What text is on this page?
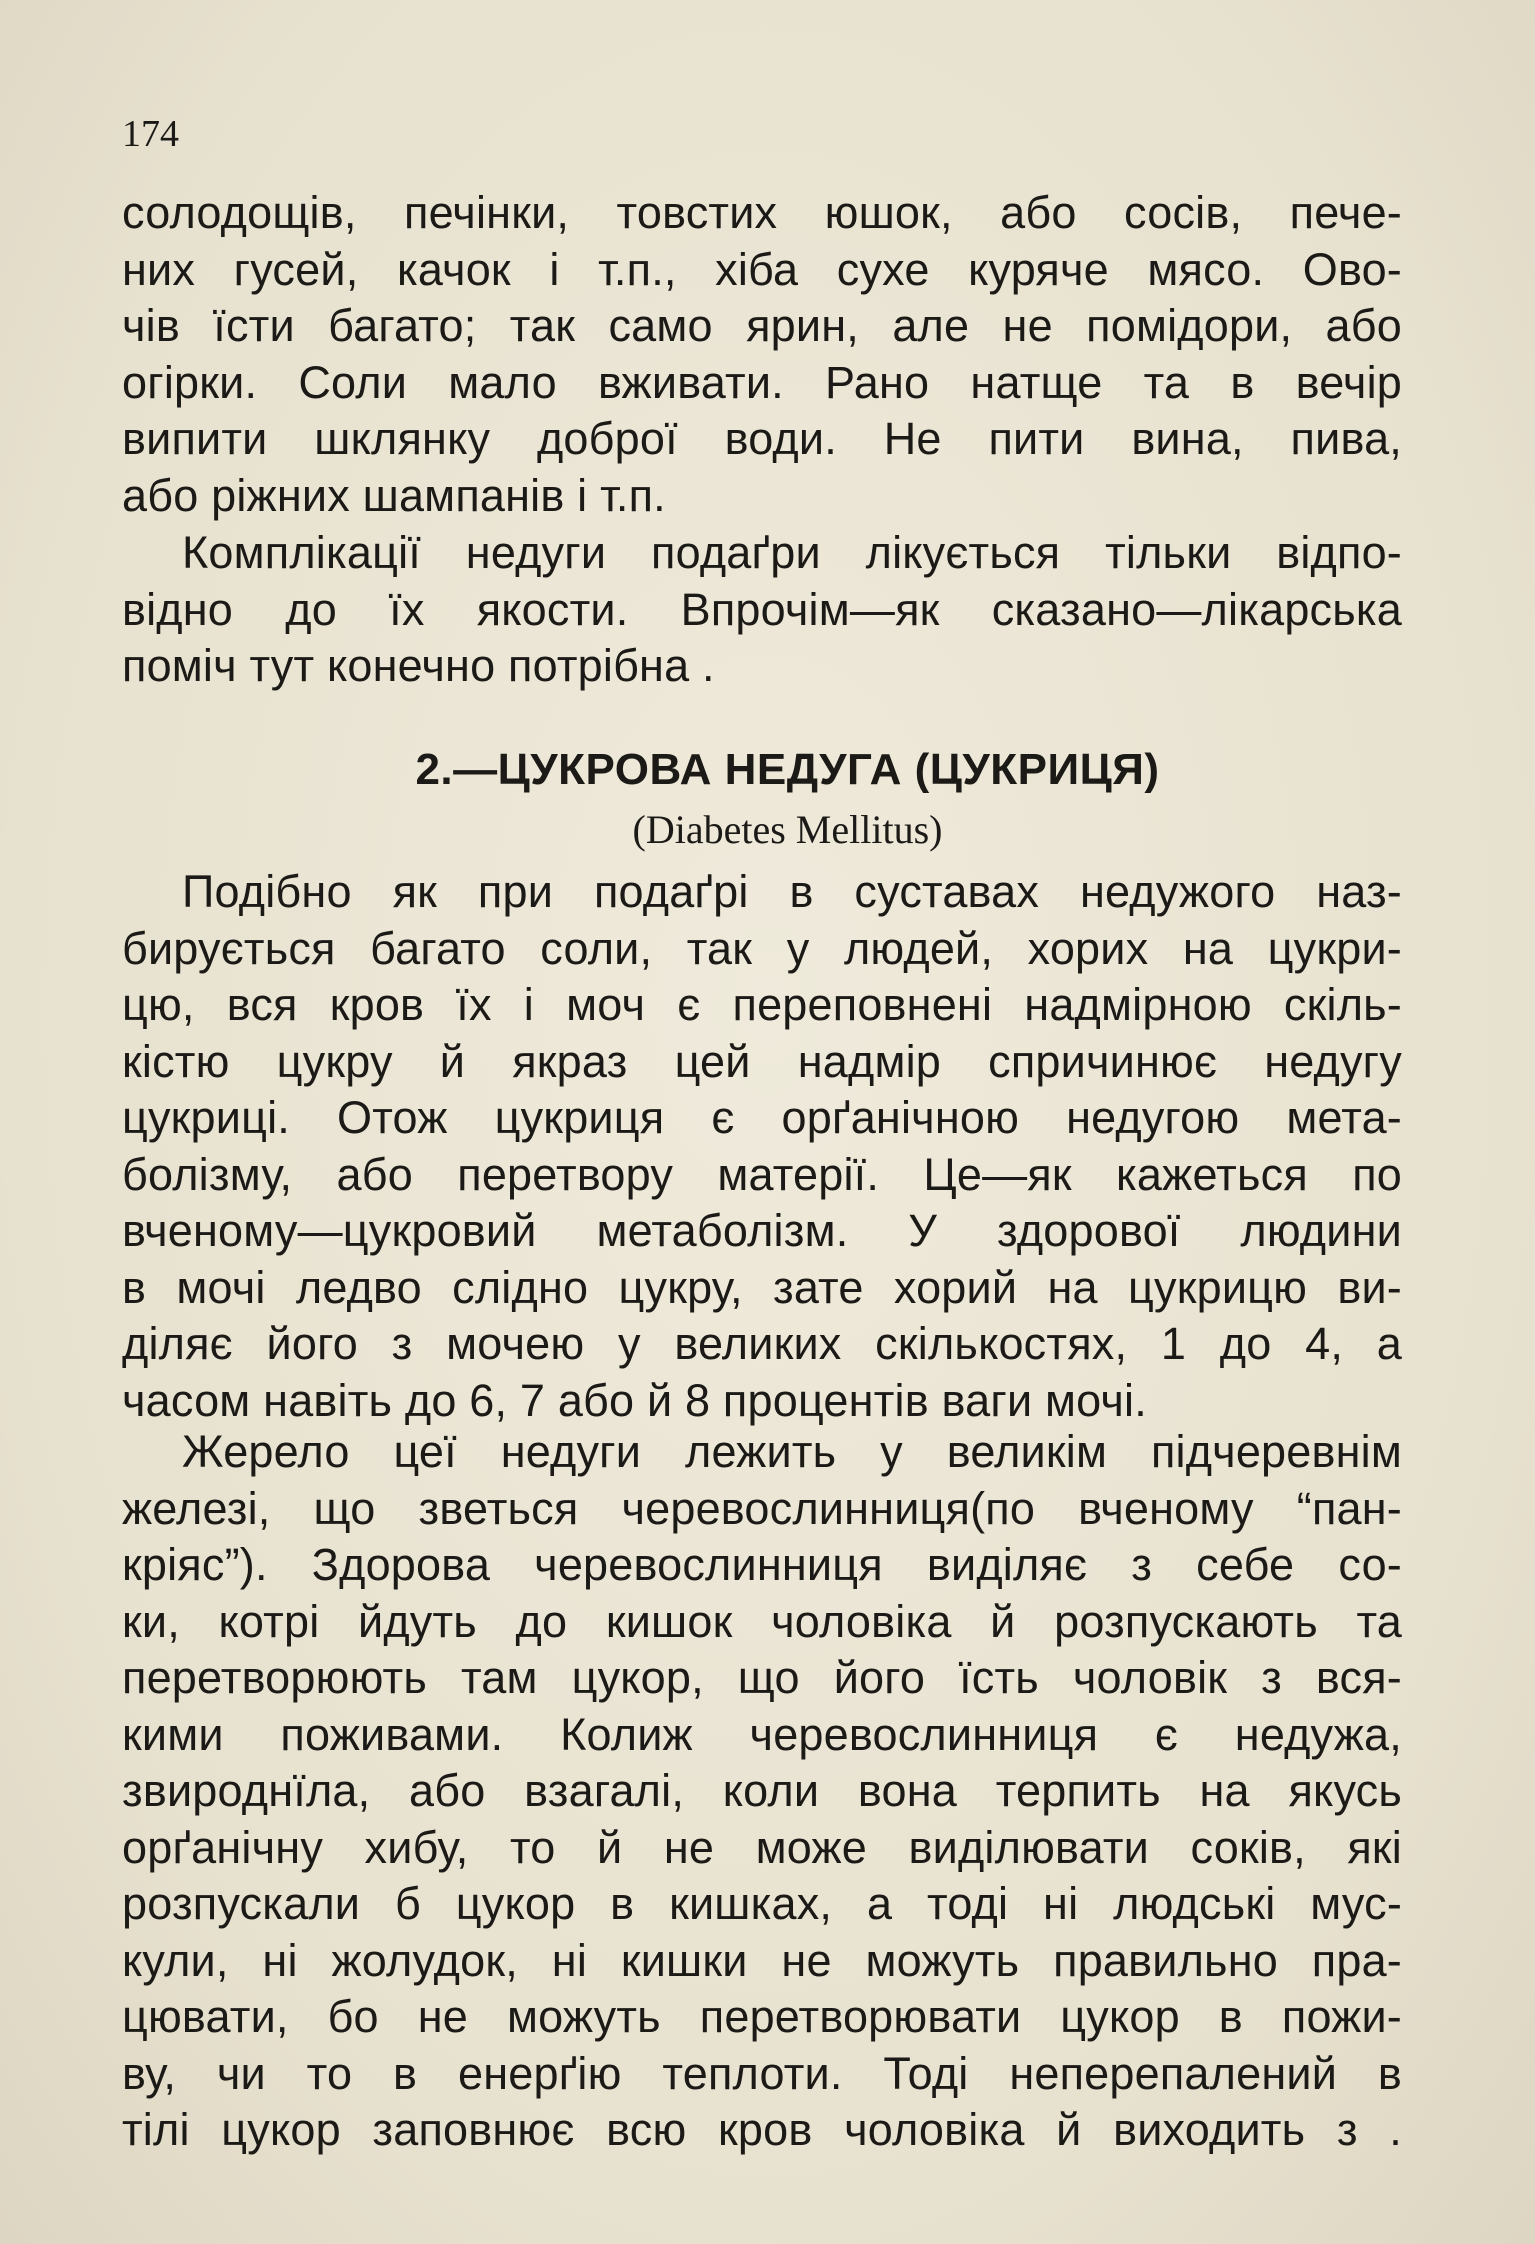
174
солодощів, печінки, товстих юшок, або сосів, пече-
них гусей, качок і т.п., хіба сухе куряче мясо. Ово-
чів їсти багато; так само ярин, але не помідори, або
огірки. Соли мало вживати. Рано натще та в вечір
випити шклянку доброї води. Не пити вина, пива,
або ріжних шампанів і т.п.
Комплікації недуги подаґри лікується тільки відпо-
відно до їх якости. Впрочім—як сказано—лікарська
поміч тут конечно потрібна .
2.—ЦУКРОВА НЕДУГА (ЦУКРИЦЯ)
(Diabetes Mellitus)
Подібно як при подаґрі в суставах недужого наз-
бирується багато соли, так у людей, хорих на цукри-
цю, вся кров їх і моч є переповнені надмірною скіль-
кістю цукру й якраз цей надмір спричинює недугу
цукриці. Отож цукриця є орґанічною недугою мета-
болізму, або перетвору матерії. Це—як кажеться по
вченому—цукровий метаболізм. У здорової людини
в мочі ледво слідно цукру, зате хорий на цукрицю ви-
діляє його з мочею у великих скількостях, 1 до 4, а
часом навіть до 6, 7 або й 8 процентів ваги мочі.
Жерело цеї недуги лежить у великім підчеревнім
железі, що зветься черевослинниця(по вченому “пан-
кріяс”). Здорова черевослинниця виділяє з себе со-
ки, котрі йдуть до кишок чоловіка й розпускають та
перетворюють там цукор, що його їсть чоловік з вся-
кими поживами. Колиж черевослинниця є недужа,
звироднїла, або взагалі, коли вона терпить на якусь
орґанічну хибу, то й не може виділювати соків, які
розпускали б цукор в кишках, а тоді ні людські мус-
кули, ні жолудок, ні кишки не можуть правильно пра-
цювати, бо не можуть перетворювати цукор в пожи-
ву, чи то в енерґію теплоти. Тоді неперепалений в
тілі цукор заповнює всю кров чоловіка й виходить з .
